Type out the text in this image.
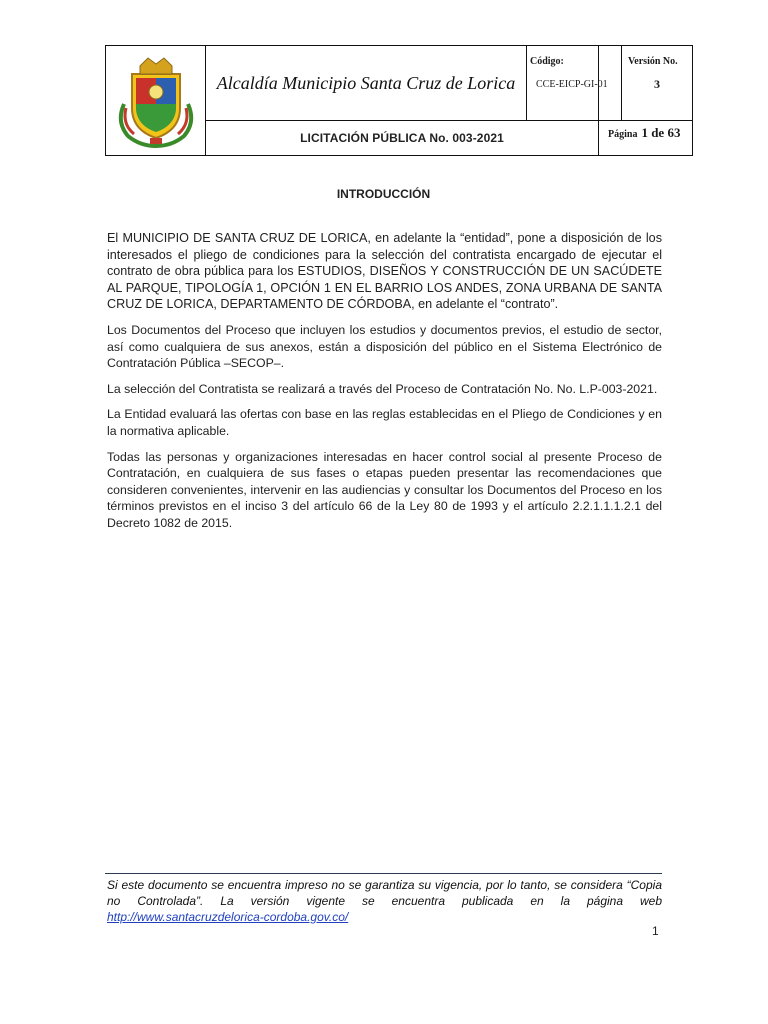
Alcaldía Municipio Santa Cruz de Lorica
LICITACIÓN PÚBLICA No. 003-2021
Código:
CCE-EICP-GI-01
Versión No.
3
Página 1 de 63
INTRODUCCIÓN

El MUNICIPIO DE SANTA CRUZ DE LORICA, en adelante la “entidad”, pone a disposición de los interesados el pliego de condiciones para la selección del contratista encargado de ejecutar el contrato de obra pública para los ESTUDIOS, DISEÑOS Y CONSTRUCCIÓN DE UN SACÚDETE AL PARQUE, TIPOLOGÍA 1, OPCIÓN 1 EN EL BARRIO LOS ANDES, ZONA URBANA DE SANTA CRUZ DE LORICA, DEPARTAMENTO DE CÓRDOBA, en adelante el “contrato”.

Los Documentos del Proceso que incluyen los estudios y documentos previos, el estudio de sector, así como cualquiera de sus anexos, están a disposición del público en el Sistema Electrónico de Contratación Pública –SECOP–.

La selección del Contratista se realizará a través del Proceso de Contratación No. No. L.P-003-2021.

La Entidad evaluará las ofertas con base en las reglas establecidas en el Pliego de Condiciones y en la normativa aplicable.

Todas las personas y organizaciones interesadas en hacer control social al presente Proceso de Contratación, en cualquiera de sus fases o etapas pueden presentar las recomendaciones que consideren convenientes, intervenir en las audiencias y consultar los Documentos del Proceso en los términos previstos en el inciso 3 del artículo 66 de la Ley 80 de 1993 y el artículo 2.2.1.1.1.2.1 del Decreto 1082 de 2015.

Si este documento se encuentra impreso no se garantiza su vigencia, por lo tanto, se considera “Copia no Controlada”. La versión vigente se encuentra publicada en la página web http://www.santacruzdelorica-cordoba.gov.co/
1
